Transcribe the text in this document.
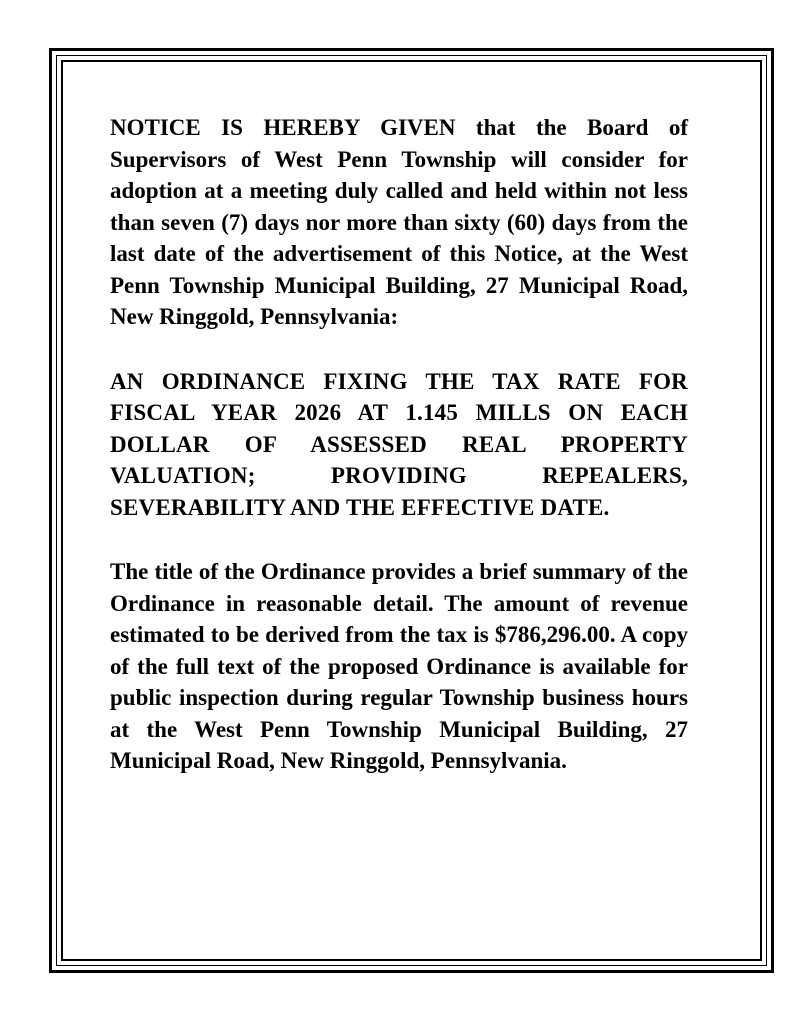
NOTICE IS HEREBY GIVEN that the Board of Supervisors of West Penn Township will consider for adoption at a meeting duly called and held within not less than seven (7) days nor more than sixty (60) days from the last date of the advertisement of this Notice, at the West Penn Township Municipal Building, 27 Municipal Road, New Ringgold, Pennsylvania:

AN ORDINANCE FIXING THE TAX RATE FOR FISCAL YEAR 2026 AT 1.145 MILLS ON EACH DOLLAR OF ASSESSED REAL PROPERTY VALUATION; PROVIDING REPEALERS, SEVERABILITY AND THE EFFECTIVE DATE.

The title of the Ordinance provides a brief summary of the Ordinance in reasonable detail. The amount of revenue estimated to be derived from the tax is $786,296.00. A copy of the full text of the proposed Ordinance is available for public inspection during regular Township business hours at the West Penn Township Municipal Building, 27 Municipal Road, New Ringgold, Pennsylvania.
